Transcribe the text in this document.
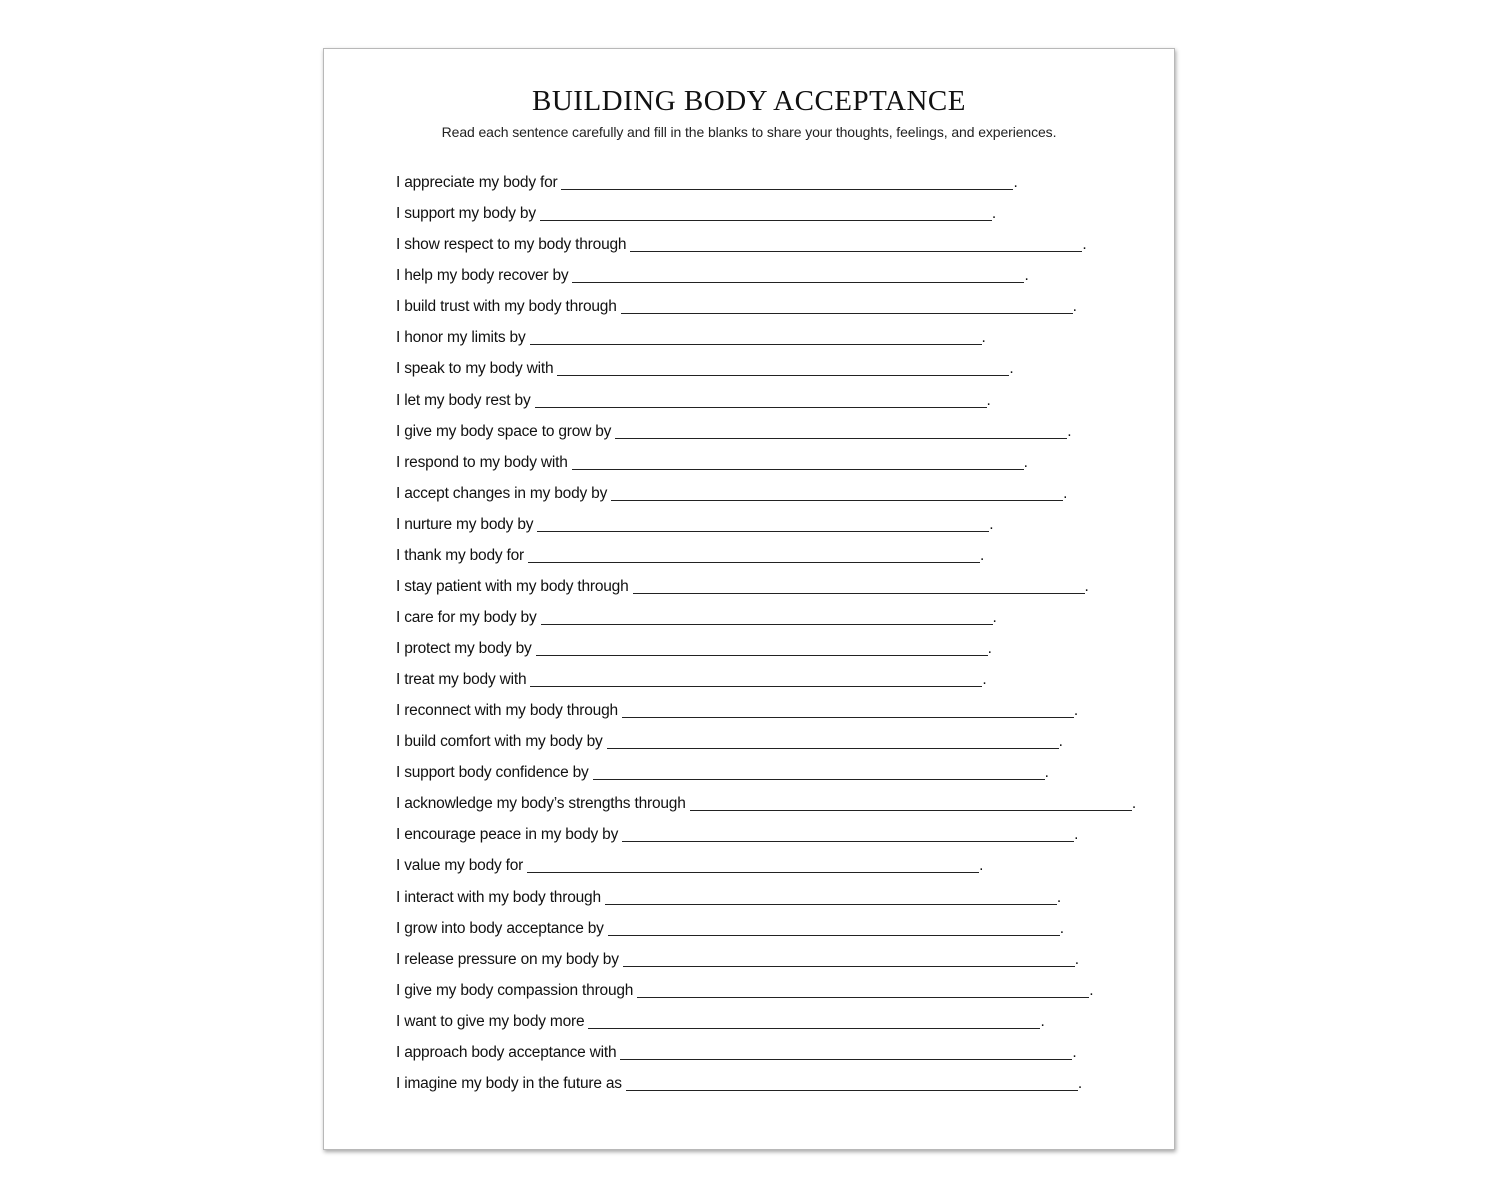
BUILDING BODY ACCEPTANCE
Read each sentence carefully and fill in the blanks to share your thoughts, feelings, and experiences.
I appreciate my body for	.
I support my body by	.
I show respect to my body through	.
I help my body recover by	.
I build trust with my body through	.
I honor my limits by	.
I speak to my body with	.
I let my body rest by	.
I give my body space to grow by	.
I respond to my body with	.
I accept changes in my body by	.
I nurture my body by	.
I thank my body for	.
I stay patient with my body through	.
I care for my body by	.
I protect my body by	.
I treat my body with	.
I reconnect with my body through	.
I build comfort with my body by	.
I support body confidence by	.
I acknowledge my body’s strengths through	.
I encourage peace in my body by	.
I value my body for	.
I interact with my body through	.
I grow into body acceptance by	.
I release pressure on my body by	.
I give my body compassion through	.
I want to give my body more	.
I approach body acceptance with	.
I imagine my body in the future as	.
